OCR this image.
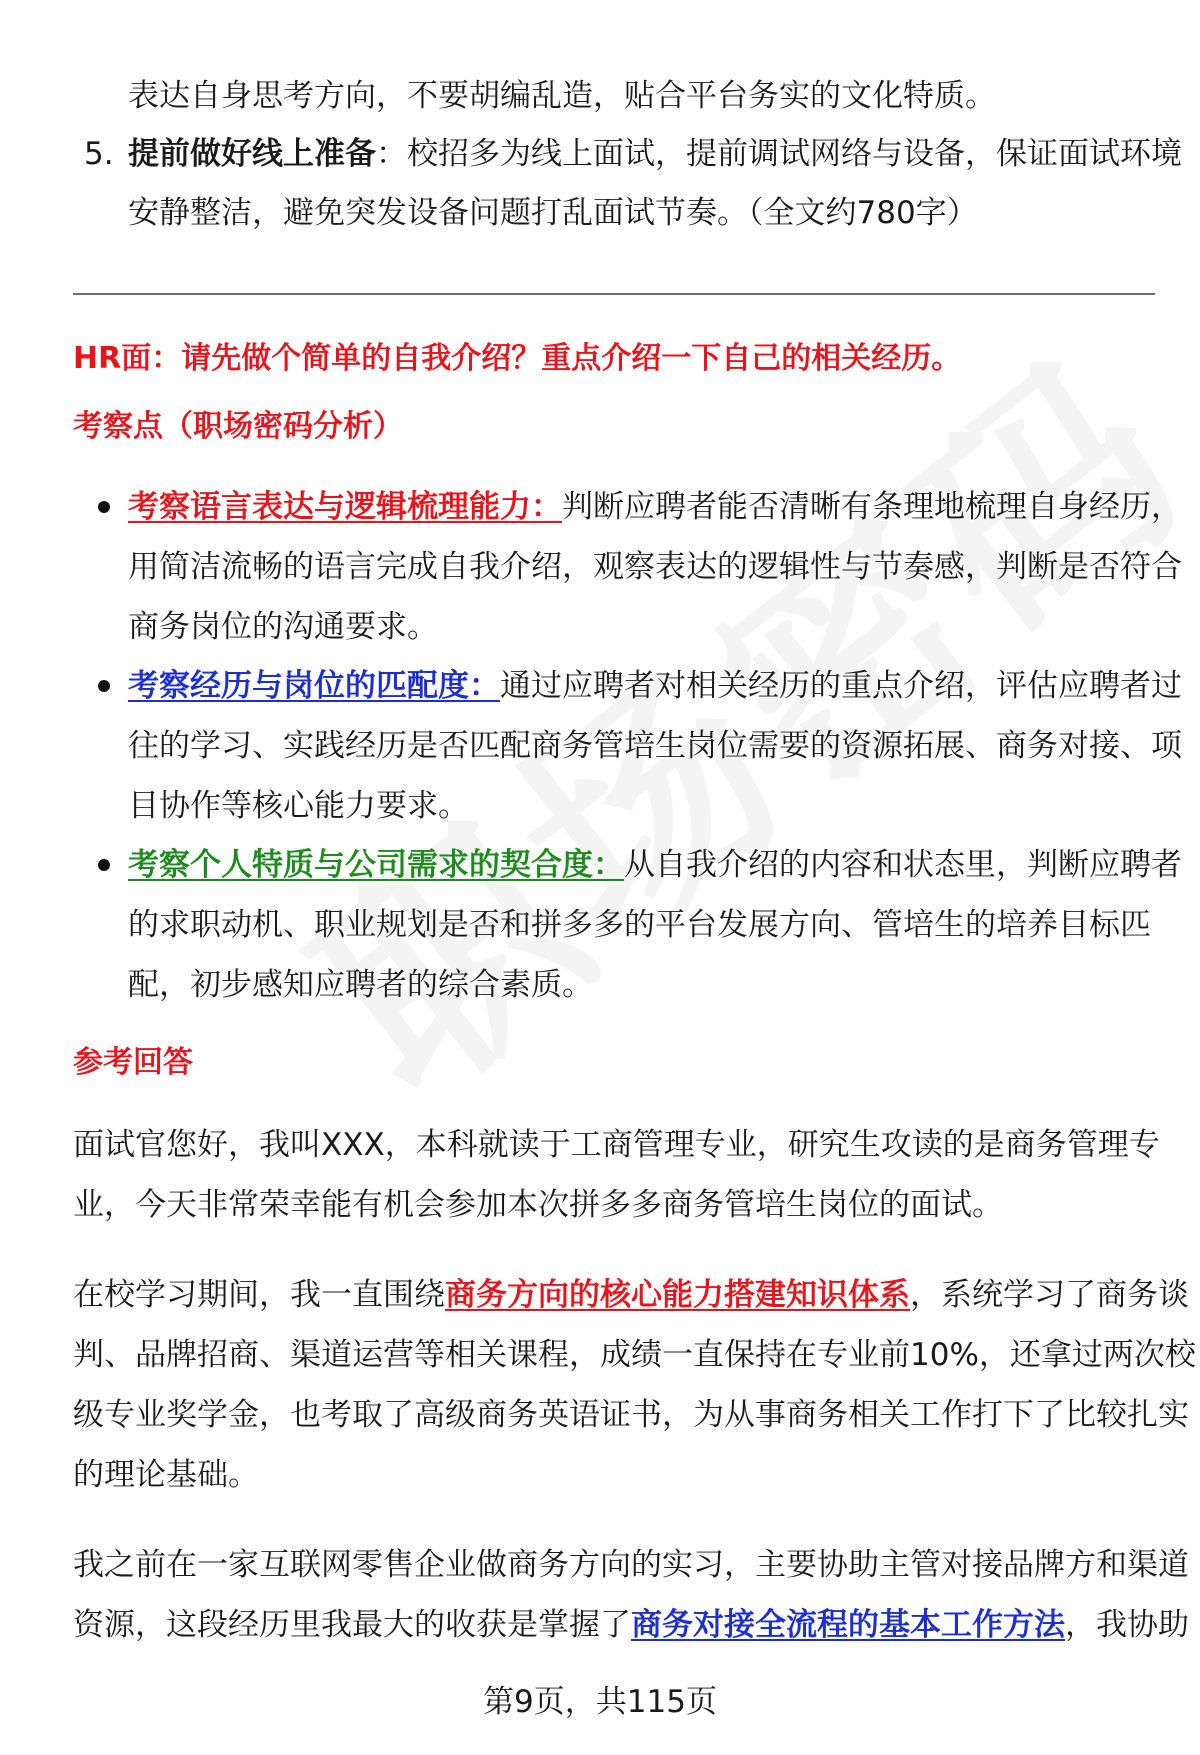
表达自身思考方向，不要胡编乱造，贴合平台务实的文化特质。
5. 提前做好线上准备：校招多为线上面试，提前调试网络与设备，保证面试环境
安静整洁，避免突发设备问题打乱面试节奏。（全文约780字）
HR面：请先做个简单的自我介绍？重点介绍一下自己的相关经历。
考察点（职场密码分析）
考察语言表达与逻辑梳理能力：判断应聘者能否清晰有条理地梳理自身经历，
用简洁流畅的语言完成自我介绍，观察表达的逻辑性与节奏感，判断是否符合
商务岗位的沟通要求。
考察经历与岗位的匹配度：通过应聘者对相关经历的重点介绍，评估应聘者过
往的学习、实践经历是否匹配商务管培生岗位需要的资源拓展、商务对接、项
目协作等核心能力要求。
考察个人特质与公司需求的契合度：从自我介绍的内容和状态里，判断应聘者
的求职动机、职业规划是否和拼多多的平台发展方向、管培生的培养目标匹
配，初步感知应聘者的综合素质。
参考回答
面试官您好，我叫XXX，本科就读于工商管理专业，研究生攻读的是商务管理专
业，今天非常荣幸能有机会参加本次拼多多商务管培生岗位的面试。
在校学习期间，我一直围绕商务方向的核心能力搭建知识体系，系统学习了商务谈
判、品牌招商、渠道运营等相关课程，成绩一直保持在专业前10%，还拿过两次校
级专业奖学金，也考取了高级商务英语证书，为从事商务相关工作打下了比较扎实
的理论基础。
我之前在一家互联网零售企业做商务方向的实习，主要协助主管对接品牌方和渠道
资源，这段经历里我最大的收获是掌握了商务对接全流程的基本工作方法，我协助
第9页，共115页
